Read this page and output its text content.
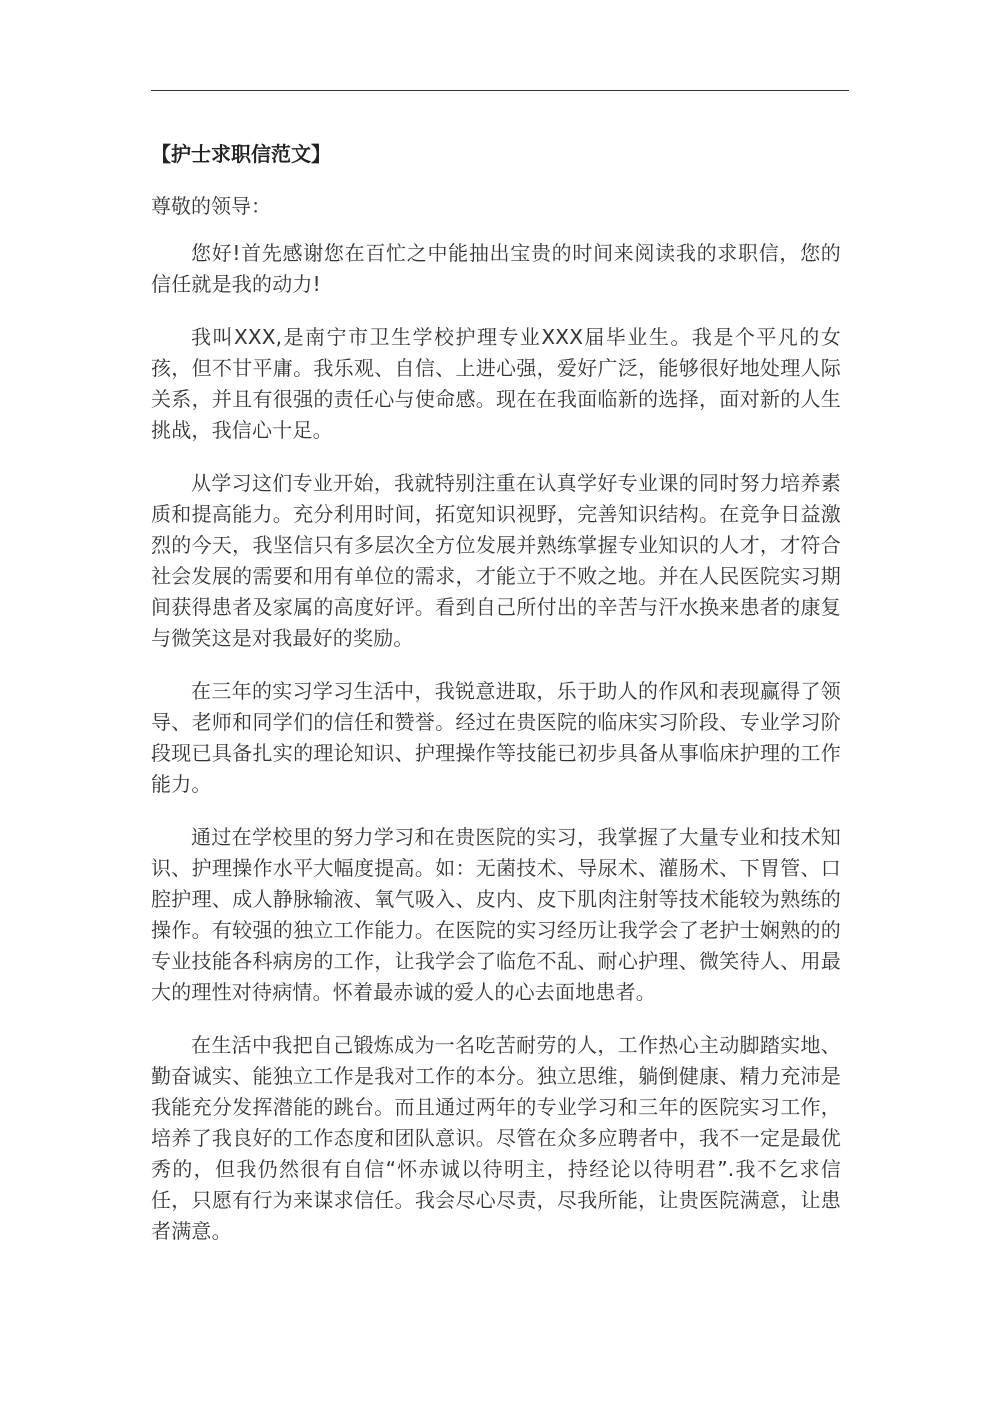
【护士求职信范文】
尊敬的领导：

您好!首先感谢您在百忙之中能抽出宝贵的时间来阅读我的求职信，您的信任就是我的动力!

我叫XXX,是南宁市卫生学校护理专业XXX届毕业生。我是个平凡的女孩，但不甘平庸。我乐观、自信、上进心强，爱好广泛，能够很好地处理人际关系，并且有很强的责任心与使命感。现在在我面临新的选择，面对新的人生挑战，我信心十足。

从学习这们专业开始，我就特别注重在认真学好专业课的同时努力培养素质和提高能力。充分利用时间，拓宽知识视野，完善知识结构。在竞争日益激烈的今天，我坚信只有多层次全方位发展并熟练掌握专业知识的人才，才符合社会发展的需要和用有单位的需求，才能立于不败之地。并在人民医院实习期间获得患者及家属的高度好评。看到自己所付出的辛苦与汗水换来患者的康复与微笑这是对我最好的奖励。

在三年的实习学习生活中，我锐意进取，乐于助人的作风和表现赢得了领导、老师和同学们的信任和赞誉。经过在贵医院的临床实习阶段、专业学习阶段现已具备扎实的理论知识、护理操作等技能已初步具备从事临床护理的工作能力。

通过在学校里的努力学习和在贵医院的实习，我掌握了大量专业和技术知识、护理操作水平大幅度提高。如：无菌技术、导尿术、灌肠术、下胃管、口腔护理、成人静脉输液、氧气吸入、皮内、皮下肌肉注射等技术能较为熟练的操作。有较强的独立工作能力。在医院的实习经历让我学会了老护士娴熟的的专业技能各科病房的工作，让我学会了临危不乱、耐心护理、微笑待人、用最大的理性对待病情。怀着最赤诚的爱人的心去面地患者。

在生活中我把自己锻炼成为一名吃苦耐劳的人，工作热心主动脚踏实地、勤奋诚实、能独立工作是我对工作的本分。独立思维，躺倒健康、精力充沛是我能充分发挥潜能的跳台。而且通过两年的专业学习和三年的医院实习工作，培养了我良好的工作态度和团队意识。尽管在众多应聘者中，我不一定是最优秀的，但我仍然很有自信“怀赤诚以待明主，持经论以待明君”.我不乞求信任，只愿有行为来谋求信任。我会尽心尽责，尽我所能，让贵医院满意，让患者满意。
